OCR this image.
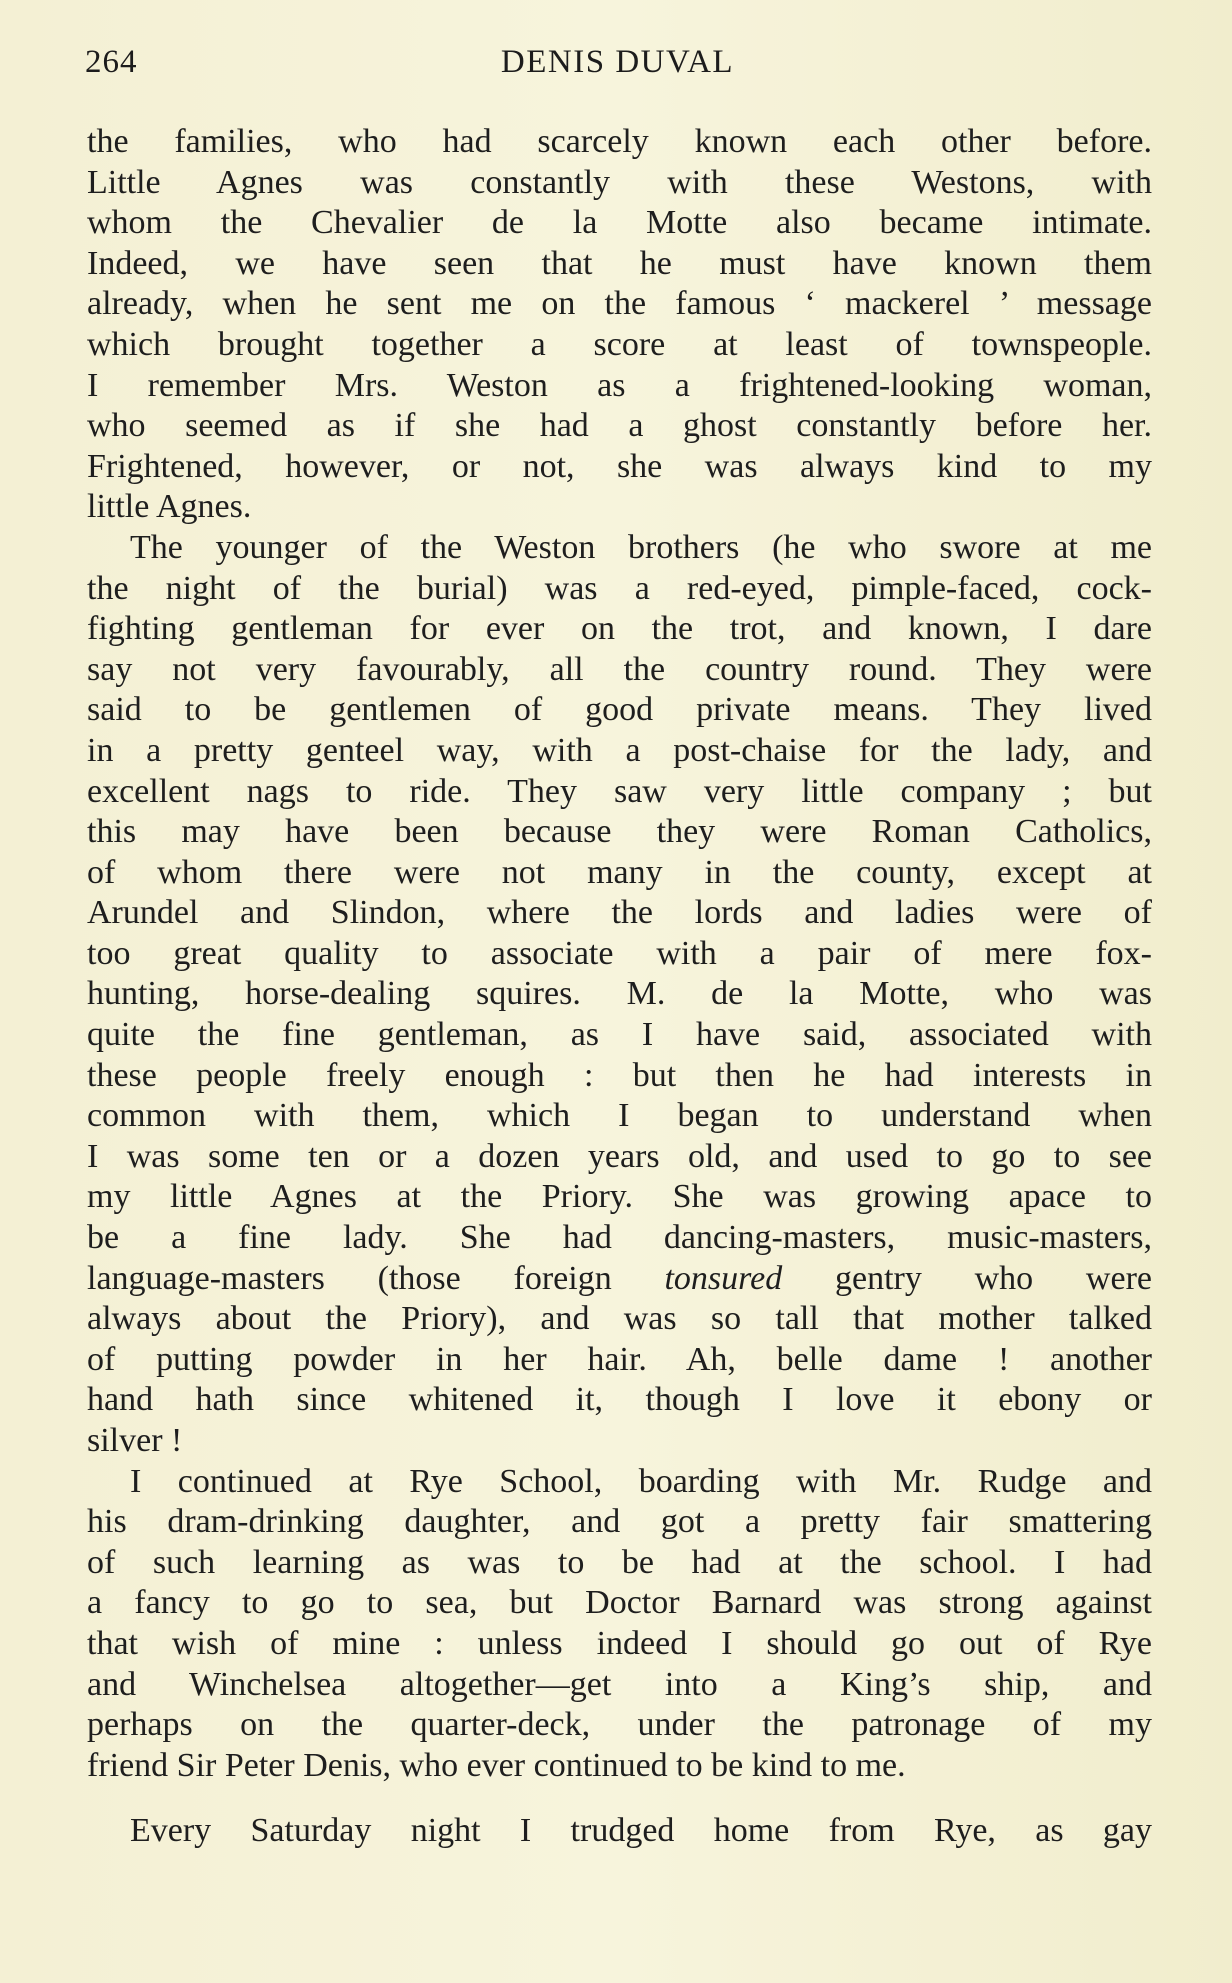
264	DENIS DUVAL
the families, who had scarcely known each other before.
Little Agnes was constantly with these Westons, with
whom the Chevalier de la Motte also became intimate.
Indeed, we have seen that he must have known them
already, when he sent me on the famous ‘ mackerel ’ message
which brought together a score at least of townspeople.
I remember Mrs. Weston as a frightened-looking woman,
who seemed as if she had a ghost constantly before her.
Frightened, however, or not, she was always kind to my
little Agnes.
The younger of the Weston brothers (he who swore at me
the night of the burial) was a red-eyed, pimple-faced, cock-
fighting gentleman for ever on the trot, and known, I dare
say not very favourably, all the country round. They were
said to be gentlemen of good private means. They lived
in a pretty genteel way, with a post-chaise for the lady, and
excellent nags to ride. They saw very little company ; but
this may have been because they were Roman Catholics,
of whom there were not many in the county, except at
Arundel and Slindon, where the lords and ladies were of
too great quality to associate with a pair of mere fox-
hunting, horse-dealing squires. M. de la Motte, who was
quite the fine gentleman, as I have said, associated with
these people freely enough : but then he had interests in
common with them, which I began to understand when
I was some ten or a dozen years old, and used to go to see
my little Agnes at the Priory. She was growing apace to
be a fine lady. She had dancing-masters, music-masters,
language-masters (those foreign tonsured gentry who were
always about the Priory), and was so tall that mother talked
of putting powder in her hair. Ah, belle dame ! another
hand hath since whitened it, though I love it ebony or
silver !
I continued at Rye School, boarding with Mr. Rudge and
his dram-drinking daughter, and got a pretty fair smattering
of such learning as was to be had at the school. I had
a fancy to go to sea, but Doctor Barnard was strong against
that wish of mine : unless indeed I should go out of Rye
and Winchelsea altogether—get into a King’s ship, and
perhaps on the quarter-deck, under the patronage of my
friend Sir Peter Denis, who ever continued to be kind to me.
Every Saturday night I trudged home from Rye, as gay
